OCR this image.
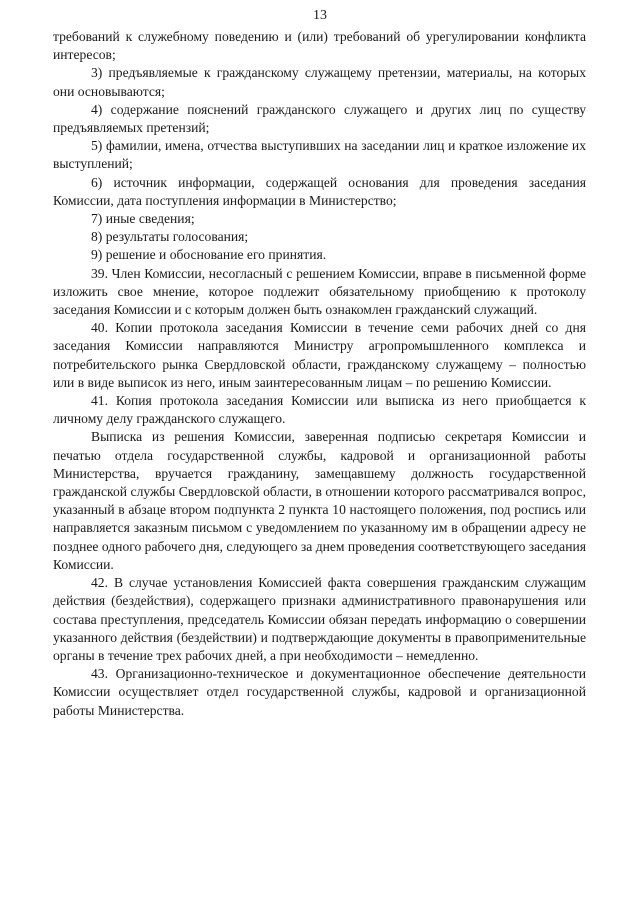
13

требований к служебному поведению и (или) требований об урегулировании конфликта интересов;

3) предъявляемые к гражданскому служащему претензии, материалы, на которых они основываются;

4) содержание пояснений гражданского служащего и других лиц по существу предъявляемых претензий;

5) фамилии, имена, отчества выступивших на заседании лиц и краткое изложение их выступлений;

6) источник информации, содержащей основания для проведения заседания Комиссии, дата поступления информации в Министерство;

7) иные сведения;

8) результаты голосования;

9) решение и обоснование его принятия.

39. Член Комиссии, несогласный с решением Комиссии, вправе в письменной форме изложить свое мнение, которое подлежит обязательному приобщению к протоколу заседания Комиссии и с которым должен быть ознакомлен гражданский служащий.

40. Копии протокола заседания Комиссии в течение семи рабочих дней со дня заседания Комиссии направляются Министру агропромышленного комплекса и потребительского рынка Свердловской области, гражданскому служащему – полностью или в виде выписок из него, иным заинтересованным лицам – по решению Комиссии.

41. Копия протокола заседания Комиссии или выписка из него приобщается к личному делу гражданского служащего.

Выписка из решения Комиссии, заверенная подписью секретаря Комиссии и печатью отдела государственной службы, кадровой и организационной работы Министерства, вручается гражданину, замещавшему должность государственной гражданской службы Свердловской области, в отношении которого рассматривался вопрос, указанный в абзаце втором подпункта 2 пункта 10 настоящего положения, под роспись или направляется заказным письмом с уведомлением по указанному им в обращении адресу не позднее одного рабочего дня, следующего за днем проведения соответствующего заседания Комиссии.

42. В случае установления Комиссией факта совершения гражданским служащим действия (бездействия), содержащего признаки административного правонарушения или состава преступления, председатель Комиссии обязан передать информацию о совершении указанного действия (бездействии) и подтверждающие документы в правоприменительные органы в течение трех рабочих дней, а при необходимости – немедленно.

43. Организационно-техническое и документационное обеспечение деятельности Комиссии осуществляет отдел государственной службы, кадровой и организационной работы Министерства.
